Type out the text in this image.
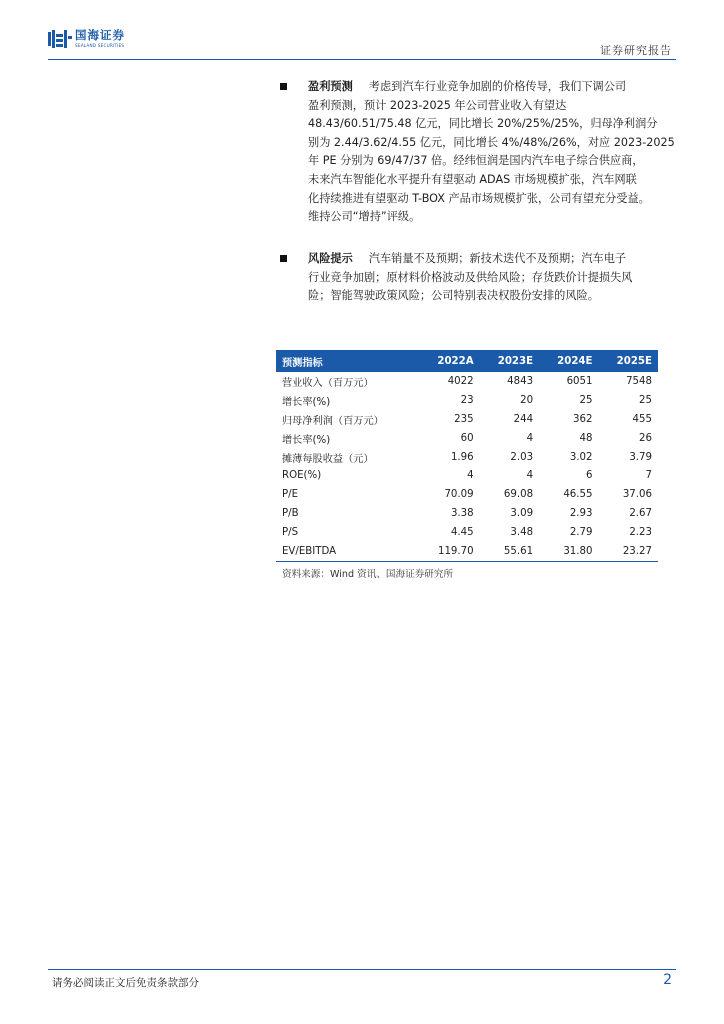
国海证券
SEALAND SECURITIES	证券研究报告
盈利预测 考虑到汽车行业竞争加剧的价格传导，我们下调公司
盈利预测，预计 2023-2025 年公司营业收入有望达
48.43/60.51/75.48 亿元，同比增长 20%/25%/25%，归母净利润分
别为 2.44/3.62/4.55 亿元，同比增长 4%/48%/26%，对应 2023-2025
年 PE 分别为 69/47/37 倍。经纬恒润是国内汽车电子综合供应商，
未来汽车智能化水平提升有望驱动 ADAS 市场规模扩张，汽车网联
化持续推进有望驱动 T-BOX 产品市场规模扩张，公司有望充分受益。
维持公司“增持”评级。
风险提示 汽车销量不及预期；新技术迭代不及预期；汽车电子
行业竞争加剧；原材料价格波动及供给风险；存货跌价计提损失风
险；智能驾驶政策风险；公司特别表决权股份安排的风险。
预测指标	2022A	2023E	2024E	2025E
营业收入（百万元）	4022	4843	6051	7548
增长率(%)	23	20	25	25
归母净利润（百万元）	235	244	362	455
增长率(%)	60	4	48	26
摊薄每股收益（元）	1.96	2.03	3.02	3.79
ROE(%)	4	4	6	7
P/E	70.09	69.08	46.55	37.06
P/B	3.38	3.09	2.93	2.67
P/S	4.45	3.48	2.79	2.23
EV/EBITDA	119.70	55.61	31.80	23.27
资料来源：Wind 资讯、国海证券研究所
请务必阅读正文后免责条款部分	2
